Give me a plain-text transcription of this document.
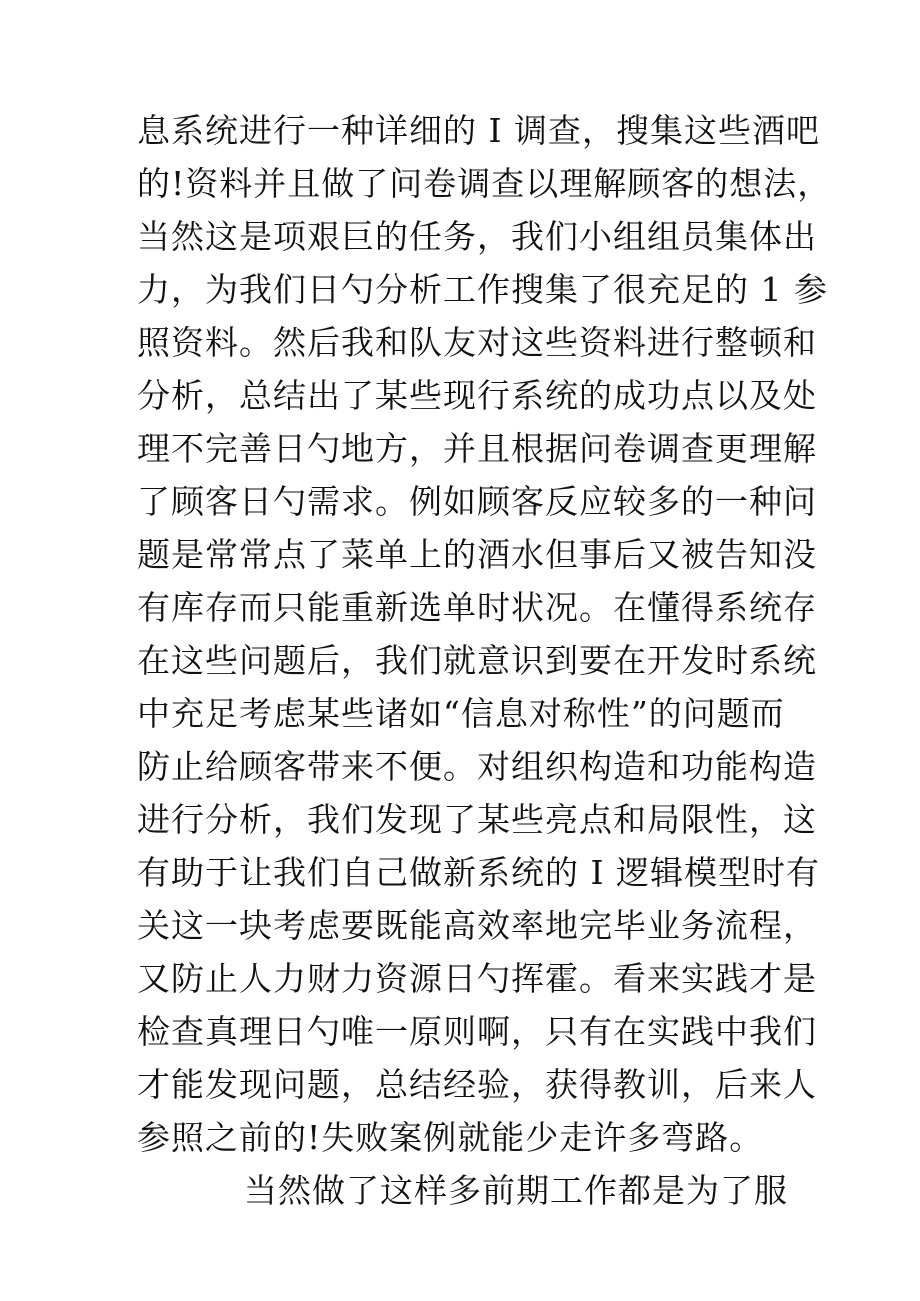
息系统进行一种详细的 I 调查，搜集这些酒吧
的!资料并且做了问卷调查以理解顾客的想法，
当然这是项艰巨的任务，我们小组组员集体出
力，为我们日勺分析工作搜集了很充足的 1 参
照资料。然后我和队友对这些资料进行整顿和
分析，总结出了某些现行系统的成功点以及处
理不完善日勺地方，并且根据问卷调查更理解
了顾客日勺需求。例如顾客反应较多的一种问
题是常常点了菜单上的酒水但事后又被告知没
有库存而只能重新选单时状况。在懂得系统存
在这些问题后，我们就意识到要在开发时系统
中充足考虑某些诸如“信息对称性”的问题而
防止给顾客带来不便。对组织构造和功能构造
进行分析，我们发现了某些亮点和局限性，这
有助于让我们自己做新系统的 I 逻辑模型时有
关这一块考虑要既能高效率地完毕业务流程，
又防止人力财力资源日勺挥霍。看来实践才是
检查真理日勺唯一原则啊，只有在实践中我们
才能发现问题，总结经验，获得教训，后来人
参照之前的!失败案例就能少走许多弯路。
当然做了这样多前期工作都是为了服
